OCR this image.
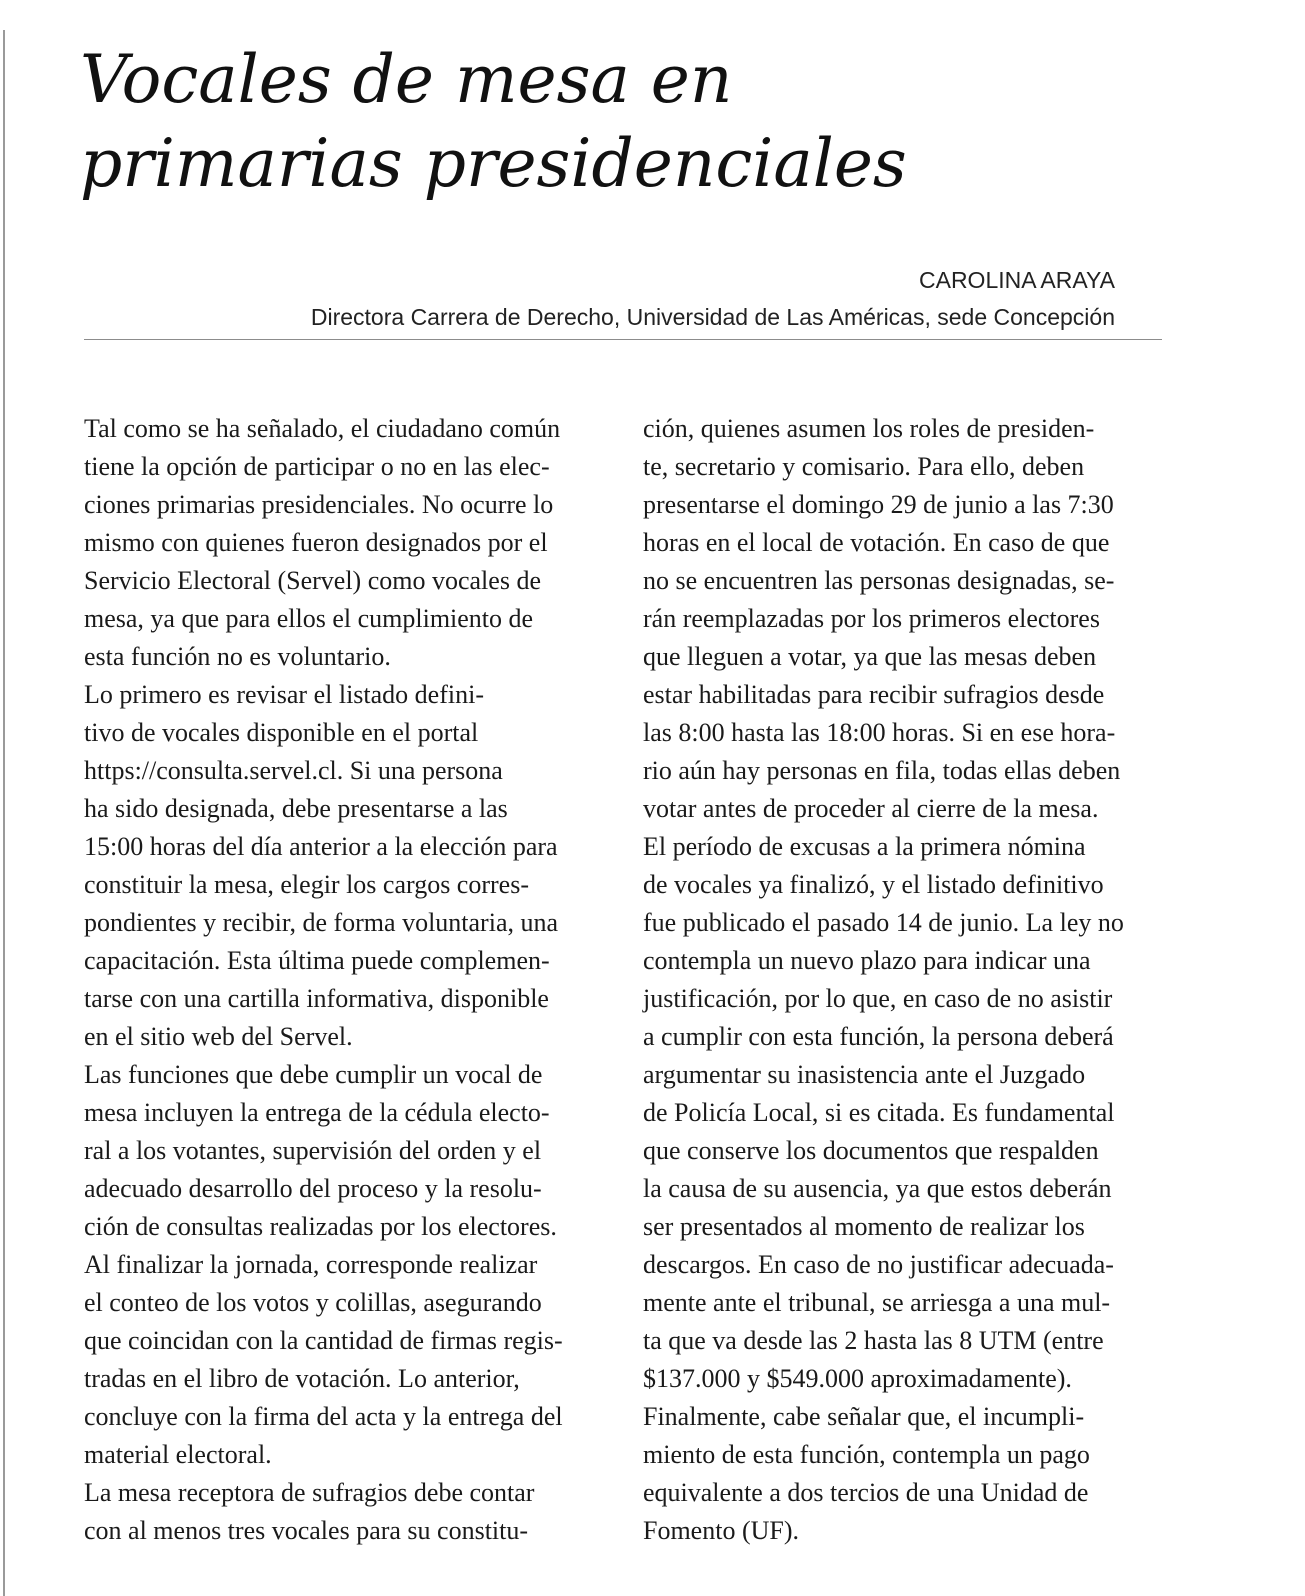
Vocales de mesa en
primarias presidenciales
CAROLINA ARAYA
Directora Carrera de Derecho, Universidad de Las Américas, sede Concepción
Tal como se ha señalado, el ciudadano común
tiene la opción de participar o no en las elec-
ciones primarias presidenciales. No ocurre lo
mismo con quienes fueron designados por el
Servicio Electoral (Servel) como vocales de
mesa, ya que para ellos el cumplimiento de
esta función no es voluntario.
Lo primero es revisar el listado defini-
tivo de vocales disponible en el portal
https://consulta.servel.cl. Si una persona
ha sido designada, debe presentarse a las
15:00 horas del día anterior a la elección para
constituir la mesa, elegir los cargos corres-
pondientes y recibir, de forma voluntaria, una
capacitación. Esta última puede complemen-
tarse con una cartilla informativa, disponible
en el sitio web del Servel.
Las funciones que debe cumplir un vocal de
mesa incluyen la entrega de la cédula electo-
ral a los votantes, supervisión del orden y el
adecuado desarrollo del proceso y la resolu-
ción de consultas realizadas por los electores.
Al finalizar la jornada, corresponde realizar
el conteo de los votos y colillas, asegurando
que coincidan con la cantidad de firmas regis-
tradas en el libro de votación. Lo anterior,
concluye con la firma del acta y la entrega del
material electoral.
La mesa receptora de sufragios debe contar
con al menos tres vocales para su constitu-
ción, quienes asumen los roles de presiden-
te, secretario y comisario. Para ello, deben
presentarse el domingo 29 de junio a las 7:30
horas en el local de votación. En caso de que
no se encuentren las personas designadas, se-
rán reemplazadas por los primeros electores
que lleguen a votar, ya que las mesas deben
estar habilitadas para recibir sufragios desde
las 8:00 hasta las 18:00 horas. Si en ese hora-
rio aún hay personas en fila, todas ellas deben
votar antes de proceder al cierre de la mesa.
El período de excusas a la primera nómina
de vocales ya finalizó, y el listado definitivo
fue publicado el pasado 14 de junio. La ley no
contempla un nuevo plazo para indicar una
justificación, por lo que, en caso de no asistir
a cumplir con esta función, la persona deberá
argumentar su inasistencia ante el Juzgado
de Policía Local, si es citada. Es fundamental
que conserve los documentos que respalden
la causa de su ausencia, ya que estos deberán
ser presentados al momento de realizar los
descargos. En caso de no justificar adecuada-
mente ante el tribunal, se arriesga a una mul-
ta que va desde las 2 hasta las 8 UTM (entre
$137.000 y $549.000 aproximadamente).
Finalmente, cabe señalar que, el incumpli-
miento de esta función, contempla un pago
equivalente a dos tercios de una Unidad de
Fomento (UF).
